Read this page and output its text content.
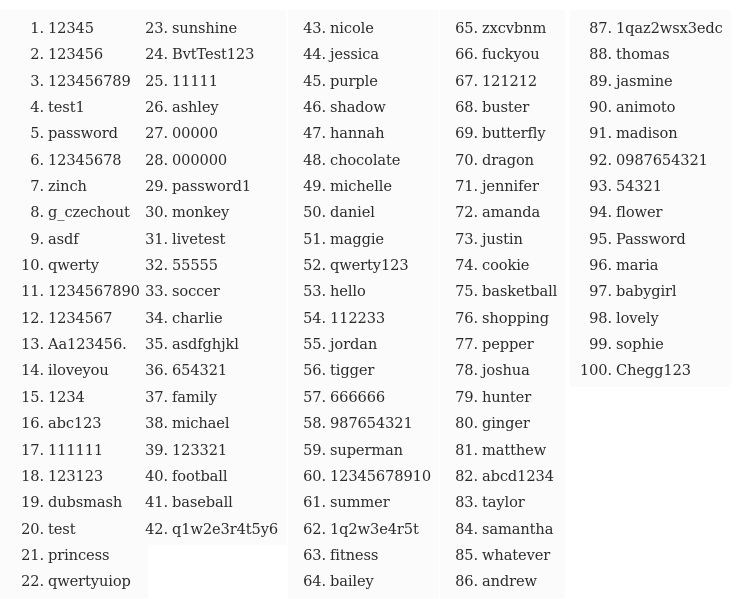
1. 12345
2. 123456
3. 123456789
4. test1
5. password
6. 12345678
7. zinch
8. g_czechout
9. asdf
10. qwerty
11. 1234567890
12. 1234567
13. Aa123456.
14. iloveyou
15. 1234
16. abc123
17. 111111
18. 123123
19. dubsmash
20. test
21. princess
22. qwertyuiop
23. sunshine
24. BvtTest123
25. 11111
26. ashley
27. 00000
28. 000000
29. password1
30. monkey
31. livetest
32. 55555
33. soccer
34. charlie
35. asdfghjkl
36. 654321
37. family
38. michael
39. 123321
40. football
41. baseball
42. q1w2e3r4t5y6
43. nicole
44. jessica
45. purple
46. shadow
47. hannah
48. chocolate
49. michelle
50. daniel
51. maggie
52. qwerty123
53. hello
54. 112233
55. jordan
56. tigger
57. 666666
58. 987654321
59. superman
60. 12345678910
61. summer
62. 1q2w3e4r5t
63. fitness
64. bailey
65. zxcvbnm
66. fuckyou
67. 121212
68. buster
69. butterfly
70. dragon
71. jennifer
72. amanda
73. justin
74. cookie
75. basketball
76. shopping
77. pepper
78. joshua
79. hunter
80. ginger
81. matthew
82. abcd1234
83. taylor
84. samantha
85. whatever
86. andrew
87. 1qaz2wsx3edc
88. thomas
89. jasmine
90. animoto
91. madison
92. 0987654321
93. 54321
94. flower
95. Password
96. maria
97. babygirl
98. lovely
99. sophie
100. Chegg123
